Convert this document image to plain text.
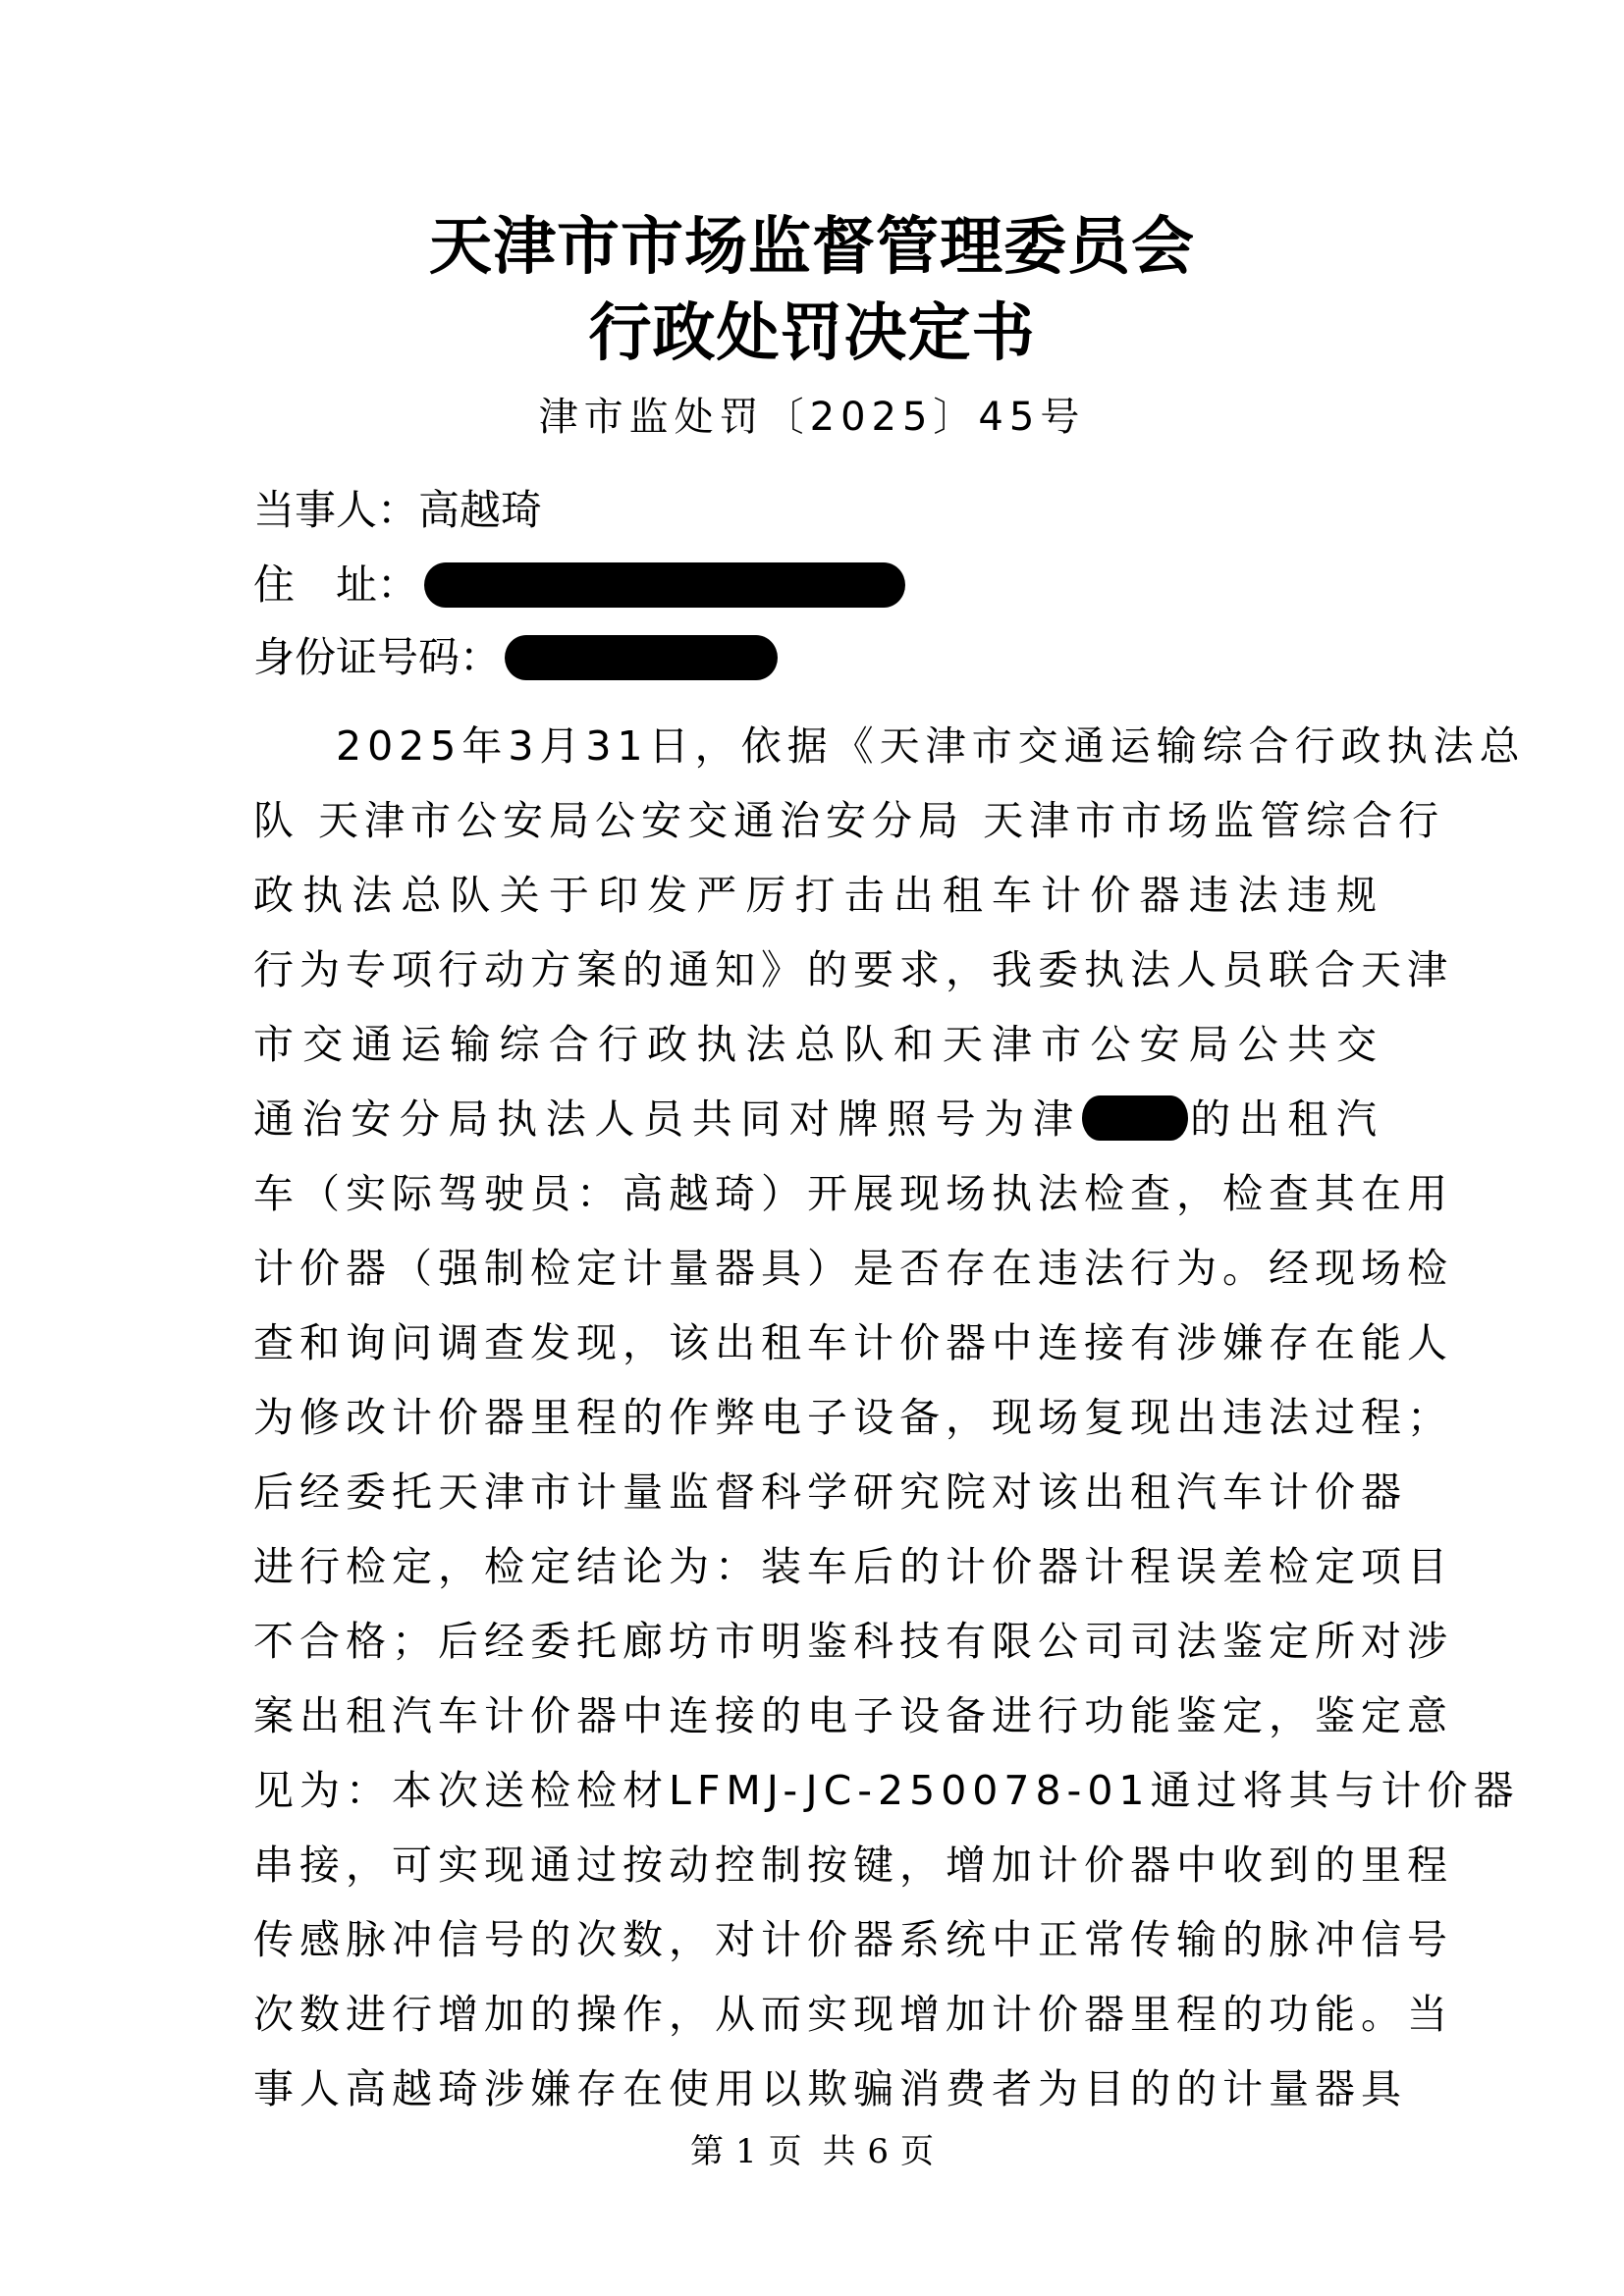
天津市市场监督管理委员会
行政处罚决定书
津市监处罚〔2025〕45号
当事人： 高越琦
住　址：
身份证号码：
2025年3月31日，依据《天津市交通运输综合行政执法总
队 天津市公安局公安交通治安分局 天津市市场监管综合行
政执法总队关于印发严厉打击出租车计价器违法违规
行为专项行动方案的通知》的要求，我委执法人员联合天津
市交通运输综合行政执法总队和天津市公安局公共交
通治安分局执法人员共同对牌照号为津	的出租汽
车（实际驾驶员：高越琦）开展现场执法检查，检查其在用
计价器（强制检定计量器具）是否存在违法行为。经现场检
查和询问调查发现，该出租车计价器中连接有涉嫌存在能人
为修改计价器里程的作弊电子设备，现场复现出违法过程；
后经委托天津市计量监督科学研究院对该出租汽车计价器
进行检定，检定结论为：装车后的计价器计程误差检定项目
不合格；后经委托廊坊市明鉴科技有限公司司法鉴定所对涉
案出租汽车计价器中连接的电子设备进行功能鉴定，鉴定意
见为：本次送检检材LFMJ-JC-250078-01通过将其与计价器
串接，可实现通过按动控制按键，增加计价器中收到的里程
传感脉冲信号的次数，对计价器系统中正常传输的脉冲信号
次数进行增加的操作，从而实现增加计价器里程的功能。当
事人高越琦涉嫌存在使用以欺骗消费者为目的的计量器具
第 1 页 共 6 页
